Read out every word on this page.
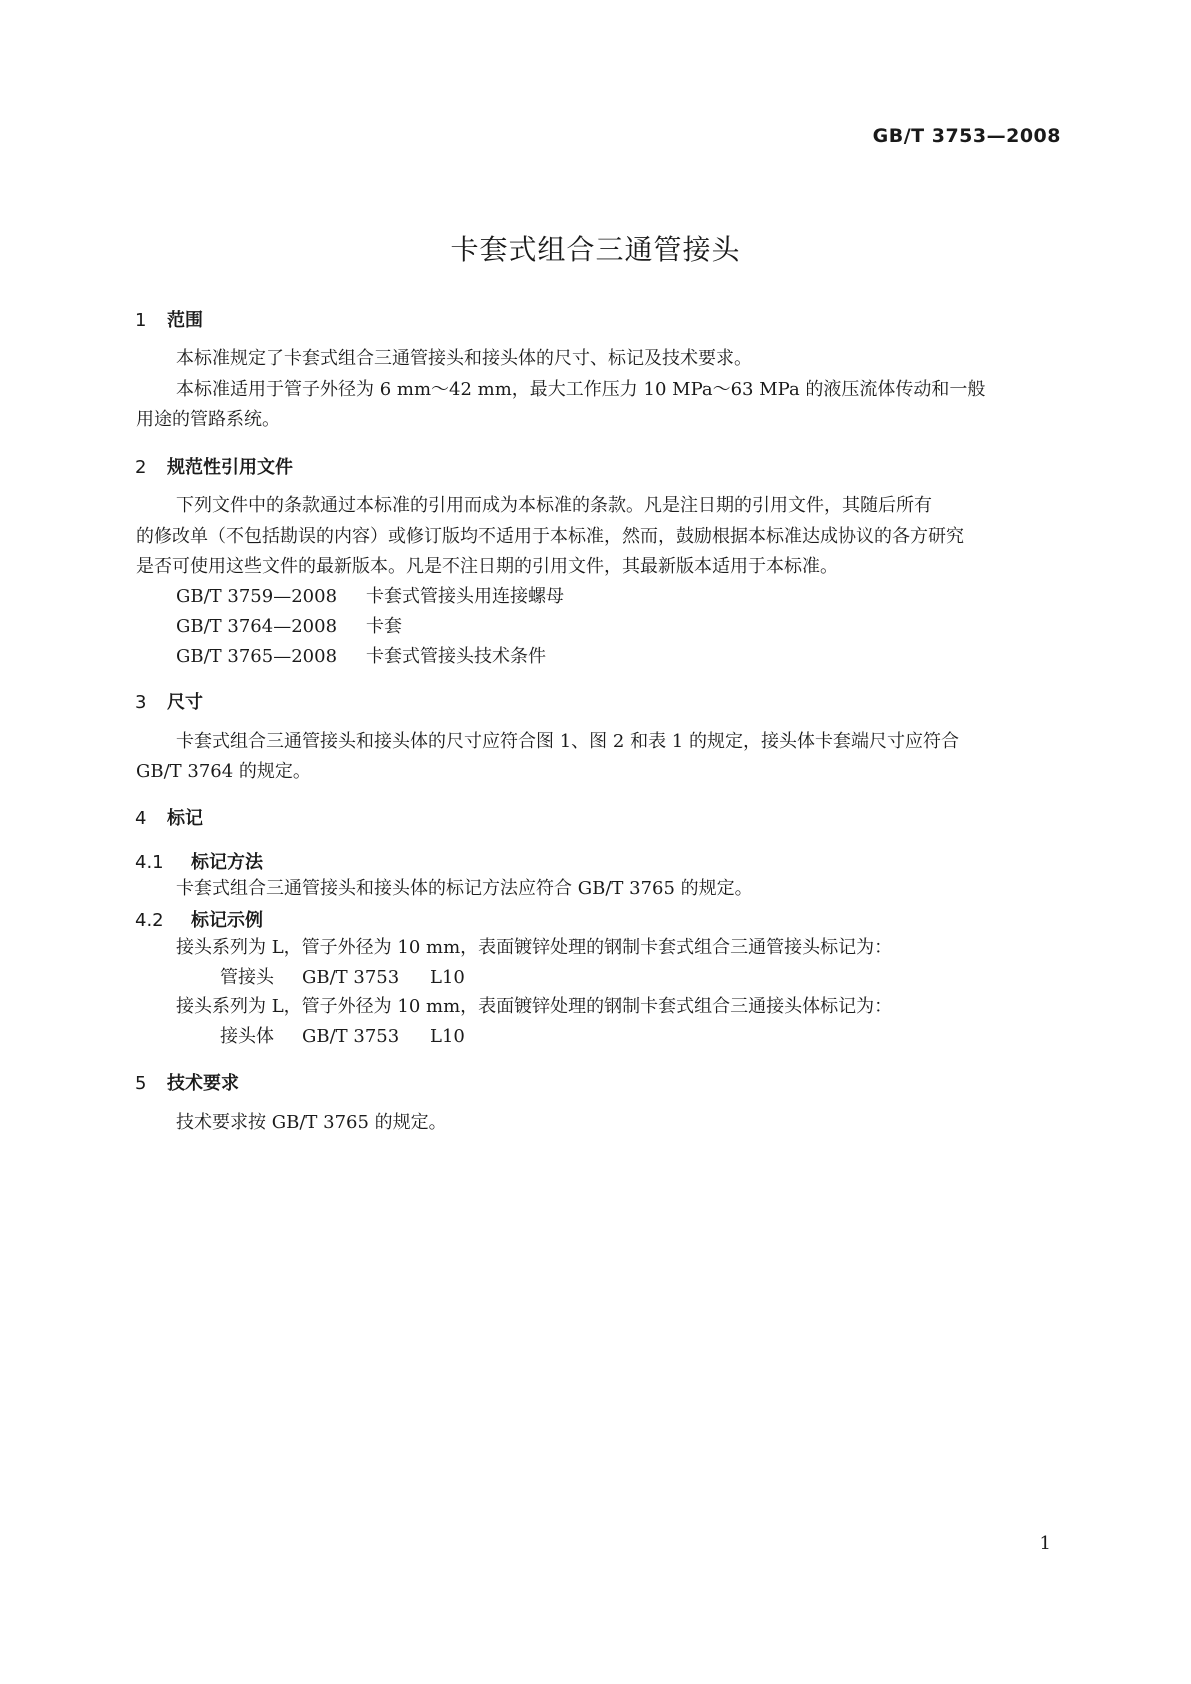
GB/T 3753—2008
卡套式组合三通管接头
1 范围
本标准规定了卡套式组合三通管接头和接头体的尺寸、标记及技术要求。
本标准适用于管子外径为 6 mm～42 mm，最大工作压力 10 MPa～63 MPa 的液压流体传动和一般
用途的管路系统。
2 规范性引用文件
下列文件中的条款通过本标准的引用而成为本标准的条款。凡是注日期的引用文件，其随后所有
的修改单（不包括勘误的内容）或修订版均不适用于本标准，然而，鼓励根据本标准达成协议的各方研究
是否可使用这些文件的最新版本。凡是不注日期的引用文件，其最新版本适用于本标准。
GB/T 3759—2008 卡套式管接头用连接螺母
GB/T 3764—2008 卡套
GB/T 3765—2008 卡套式管接头技术条件
3 尺寸
卡套式组合三通管接头和接头体的尺寸应符合图 1、图 2 和表 1 的规定，接头体卡套端尺寸应符合
GB/T 3764 的规定。
4 标记
4.1 标记方法
卡套式组合三通管接头和接头体的标记方法应符合 GB/T 3765 的规定。
4.2 标记示例
接头系列为 L，管子外径为 10 mm，表面镀锌处理的钢制卡套式组合三通管接头标记为：
管接头 GB/T 3753 L10
接头系列为 L，管子外径为 10 mm，表面镀锌处理的钢制卡套式组合三通接头体标记为：
接头体 GB/T 3753 L10
5 技术要求
技术要求按 GB/T 3765 的规定。
1
